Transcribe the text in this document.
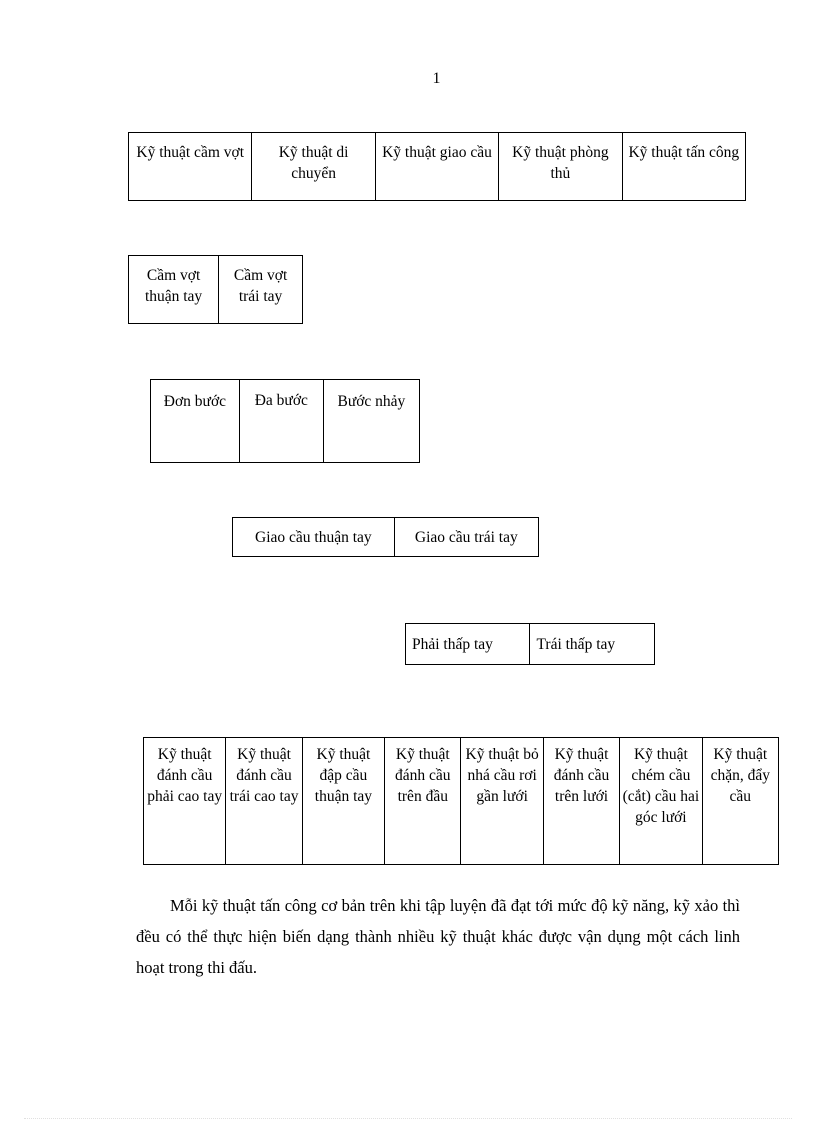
1
Kỹ thuật cầm vợt	Kỹ thuật di chuyển	Kỹ thuật giao cầu	Kỹ thuật phòng thủ	Kỹ thuật tấn công
Cầm vợt thuận tay	Cầm vợt trái tay
Đơn bước	Đa bước	Bước nhảy
Giao cầu thuận tay	Giao cầu trái tay
Phải thấp tay	Trái thấp tay
Kỹ thuật đánh cầu phải cao tay	Kỹ thuật đánh cầu trái cao tay	Kỹ thuật đập cầu thuận tay	Kỹ thuật đánh cầu trên đầu	Kỹ thuật bỏ nhá cầu rơi gần lưới	Kỹ thuật đánh cầu trên lưới	Kỹ thuật chém cầu (cắt) cầu hai góc lưới	Kỹ thuật chặn, đẩy cầu
Mỗi kỹ thuật tấn công cơ bản trên khi tập luyện đã đạt tới mức độ kỹ năng, kỹ xảo thì đều có thể thực hiện biến dạng thành nhiều kỹ thuật khác được vận dụng một cách linh hoạt trong thi đấu.
